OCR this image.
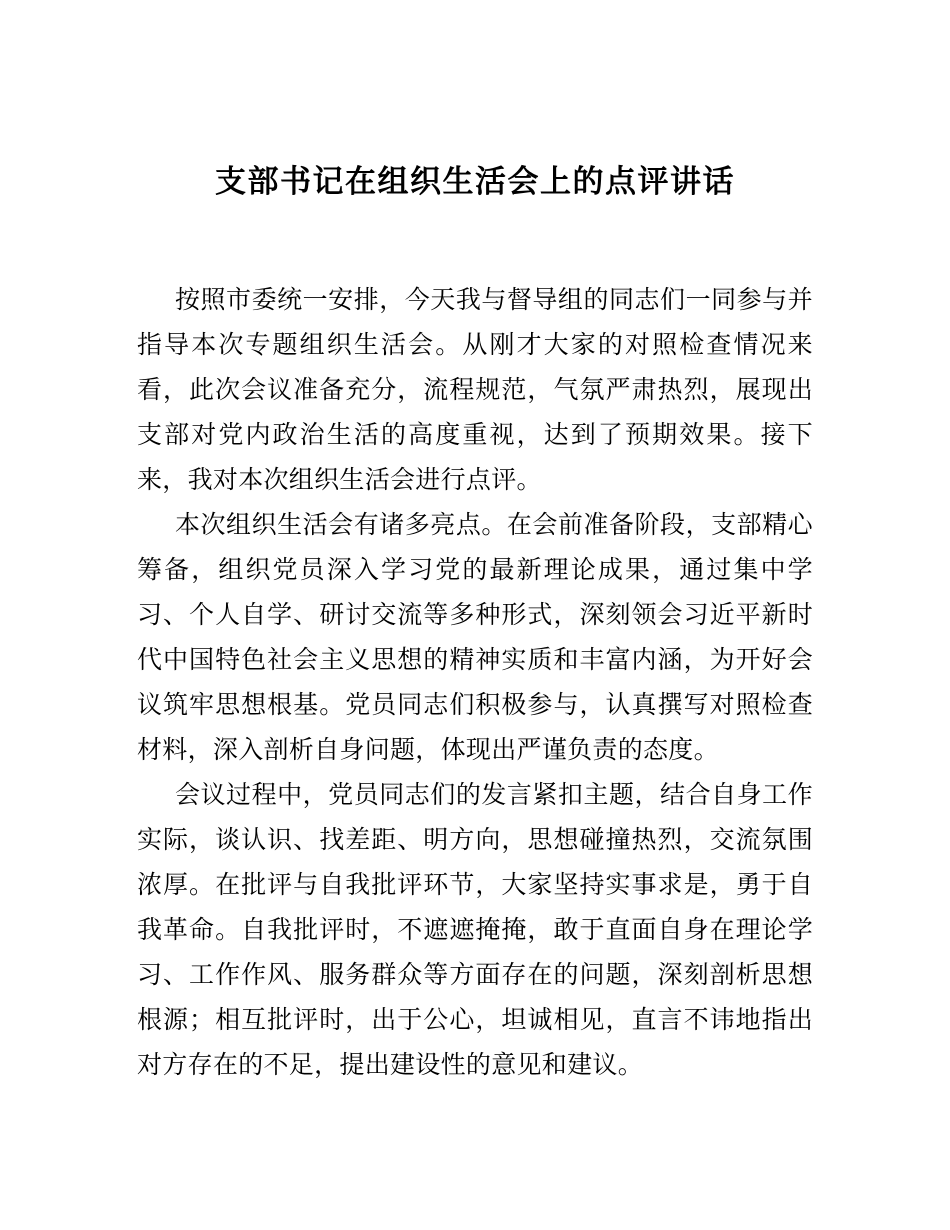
支部书记在组织生活会上的点评讲话

按照市委统一安排，今天我与督导组的同志们一同参与并指导本次专题组织生活会。从刚才大家的对照检查情况来看，此次会议准备充分，流程规范，气氛严肃热烈，展现出支部对党内政治生活的高度重视，达到了预期效果。接下来，我对本次组织生活会进行点评。

本次组织生活会有诸多亮点。在会前准备阶段，支部精心筹备，组织党员深入学习党的最新理论成果，通过集中学习、个人自学、研讨交流等多种形式，深刻领会习近平新时代中国特色社会主义思想的精神实质和丰富内涵，为开好会议筑牢思想根基。党员同志们积极参与，认真撰写对照检查材料，深入剖析自身问题，体现出严谨负责的态度。

会议过程中，党员同志们的发言紧扣主题，结合自身工作实际，谈认识、找差距、明方向，思想碰撞热烈，交流氛围浓厚。在批评与自我批评环节，大家坚持实事求是，勇于自我革命。自我批评时，不遮遮掩掩，敢于直面自身在理论学习、工作作风、服务群众等方面存在的问题，深刻剖析思想根源；相互批评时，出于公心，坦诚相见，直言不讳地指出对方存在的不足，提出建设性的意见和建议。
